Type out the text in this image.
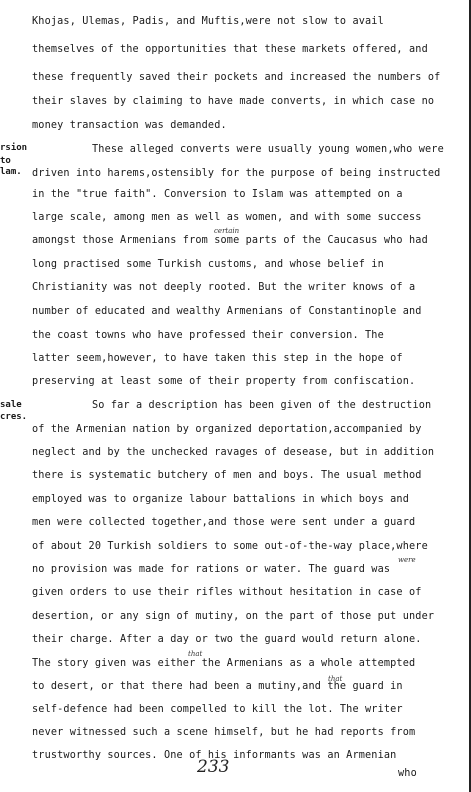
Khojas, Ulemas, Padis, and Muftis,were not slow to avail
themselves of the opportunities that these markets offered, and
these frequently saved their pockets and increased the numbers of
their slaves by claiming to have made converts, in which case no
money transaction was demanded.
rsion
to
lam.
These alleged converts were usually young women,who were
driven into harems,ostensibly for the purpose of being instructed
in the "true faith". Conversion to Islam was attempted on a
large scale, among men as well as women, and with some success
certain
amongst those Armenians from some parts of the Caucasus who had
long practised some Turkish customs, and whose belief in
Christianity was not deeply rooted. But the writer knows of a
number of educated and wealthy Armenians of Constantinople and
the coast towns who have professed their conversion. The
latter seem,however, to have taken this step in the hope of
preserving at least some of their property from confiscation.
sale
cres.
So far a description has been given of the destruction
of the Armenian nation by organized deportation,accompanied by
neglect and by the unchecked ravages of desease, but in addition
there is systematic butchery of men and boys. The usual method
employed was to organize labour battalions in which boys and
men were collected together,and those were sent under a guard
of about 20 Turkish soldiers to some out-of-the-way place,where
were
no provision was made for rations or water. The guard was
given orders to use their rifles without hesitation in case of
desertion, or any sign of mutiny, on the part of those put under
their charge. After a day or two the guard would return alone.
that
The story given was either the Armenians as a whole attempted
that
to desert, or that there had been a mutiny,and the guard in
self-defence had been compelled to kill the lot. The writer
never witnessed such a scene himself, but he had reports from
trustworthy sources. One of his informants was an Armenian
who
233
